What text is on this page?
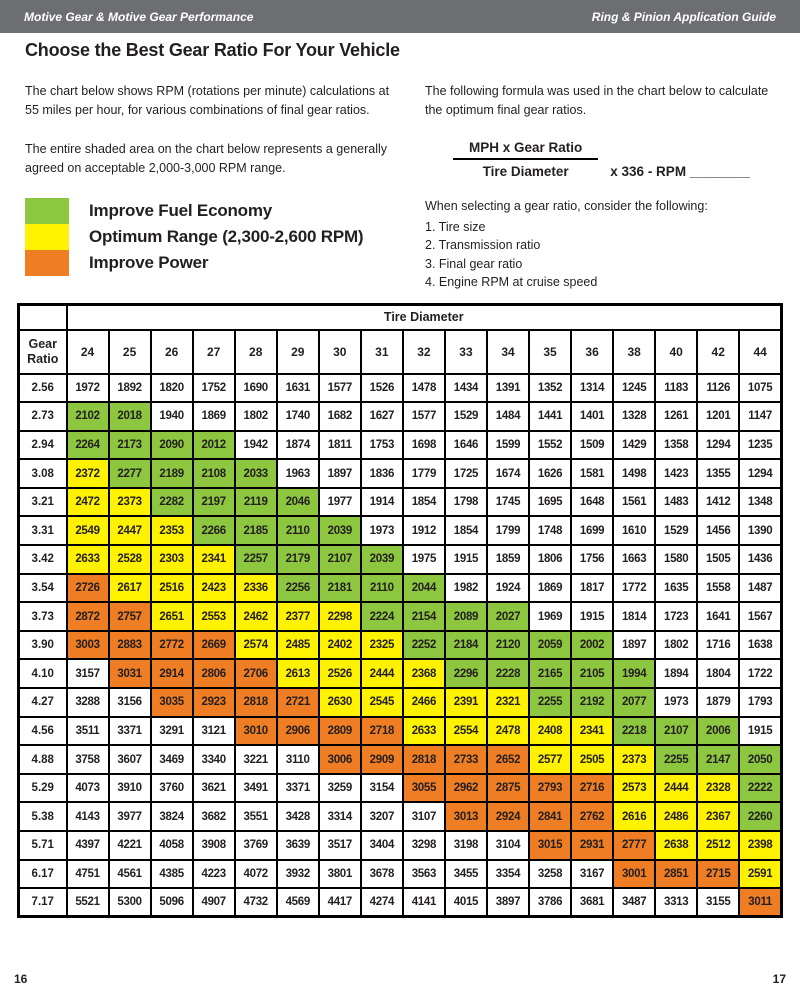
Motive Gear & Motive Gear Performance	Ring & Pinion Application Guide
Choose the Best Gear Ratio For Your Vehicle

The chart below shows RPM (rotations per minute) calculations at 55 miles per hour, for various combinations of final gear ratios.

The entire shaded area on the chart below represents a generally agreed on acceptable 2,000-3,000 RPM range.

Improve Fuel Economy
Optimum Range (2,300-2,600 RPM)
Improve Power

The following formula was used in the chart below to calculate the optimum final gear ratios.

$\frac{\text{MPH x Gear Ratio}}{\text{Tire Diameter}}$ x 336 - RPM ________

When selecting a gear ratio, consider the following:

1. Tire size
2. Transmission ratio
3. Final gear ratio
4. Engine RPM at cruise speed
	Tire Diameter																
Gear Ratio	24	25	26	27	28	29	30	31	32	33	34	35	36	38	40	42	44
2.56	1972	1892	1820	1752	1690	1631	1577	1526	1478	1434	1391	1352	1314	1245	1183	1126	1075
2.73	2102	2018	1940	1869	1802	1740	1682	1627	1577	1529	1484	1441	1401	1328	1261	1201	1147
2.94	2264	2173	2090	2012	1942	1874	1811	1753	1698	1646	1599	1552	1509	1429	1358	1294	1235
3.08	2372	2277	2189	2108	2033	1963	1897	1836	1779	1725	1674	1626	1581	1498	1423	1355	1294
3.21	2472	2373	2282	2197	2119	2046	1977	1914	1854	1798	1745	1695	1648	1561	1483	1412	1348
3.31	2549	2447	2353	2266	2185	2110	2039	1973	1912	1854	1799	1748	1699	1610	1529	1456	1390
3.42	2633	2528	2303	2341	2257	2179	2107	2039	1975	1915	1859	1806	1756	1663	1580	1505	1436
3.54	2726	2617	2516	2423	2336	2256	2181	2110	2044	1982	1924	1869	1817	1772	1635	1558	1487
3.73	2872	2757	2651	2553	2462	2377	2298	2224	2154	2089	2027	1969	1915	1814	1723	1641	1567
3.90	3003	2883	2772	2669	2574	2485	2402	2325	2252	2184	2120	2059	2002	1897	1802	1716	1638
4.10	3157	3031	2914	2806	2706	2613	2526	2444	2368	2296	2228	2165	2105	1994	1894	1804	1722
4.27	3288	3156	3035	2923	2818	2721	2630	2545	2466	2391	2321	2255	2192	2077	1973	1879	1793
4.56	3511	3371	3291	3121	3010	2906	2809	2718	2633	2554	2478	2408	2341	2218	2107	2006	1915
4.88	3758	3607	3469	3340	3221	3110	3006	2909	2818	2733	2652	2577	2505	2373	2255	2147	2050
5.29	4073	3910	3760	3621	3491	3371	3259	3154	3055	2962	2875	2793	2716	2573	2444	2328	2222
5.38	4143	3977	3824	3682	3551	3428	3314	3207	3107	3013	2924	2841	2762	2616	2486	2367	2260
5.71	4397	4221	4058	3908	3769	3639	3517	3404	3298	3198	3104	3015	2931	2777	2638	2512	2398
6.17	4751	4561	4385	4223	4072	3932	3801	3678	3563	3455	3354	3258	3167	3001	2851	2715	2591
7.17	5521	5300	5096	4907	4732	4569	4417	4274	4141	4015	3897	3786	3681	3487	3313	3155	3011
16	17
